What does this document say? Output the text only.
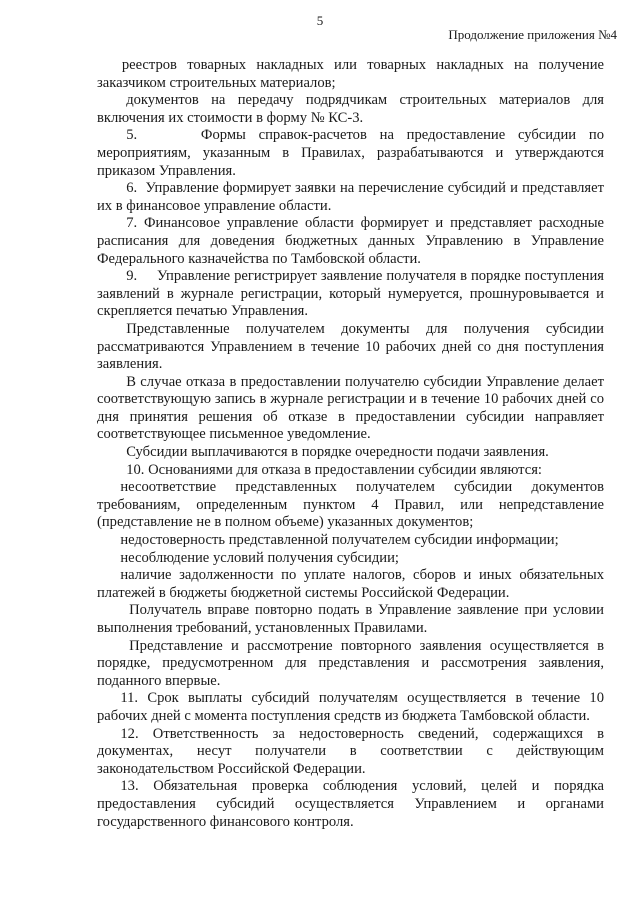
5
Продолжение приложения №4

реестров товарных накладных или товарных накладных на получение заказчиком строительных материалов;

документов на передачу подрядчикам строительных материалов для включения их стоимости в форму № КС-3.

5.     Формы справок-расчетов на предоставление субсидии по мероприятиям, указанным в Правилах, разрабатываются и утверждаются приказом Управления.

6.  Управление формирует заявки на перечисление субсидий и представляет их в финансовое управление области.

7. Финансовое управление области формирует и представляет расходные расписания для доведения бюджетных данных Управлению в Управление Федерального казначейства по Тамбовской области.

9.     Управление регистрирует заявление получателя в порядке поступления заявлений в журнале регистрации, который нумеруется, прошнуровывается и скрепляется печатью Управления.

Представленные получателем документы для получения субсидии рассматриваются Управлением в течение 10 рабочих дней со дня поступления заявления.

В случае отказа в предоставлении получателю субсидии Управление делает соответствующую запись в журнале регистрации и в течение 10 рабочих дней со дня принятия решения об отказе в предоставлении субсидии направляет соответствующее письменное уведомление.

Субсидии выплачиваются в порядке очередности подачи заявления.

10. Основаниями для отказа в предоставлении субсидии являются:

несоответствие представленных получателем субсидии документов требованиям, определенным пунктом 4 Правил, или непредставление (представление не в полном объеме) указанных документов;

недостоверность представленной получателем субсидии информации;

несоблюдение условий получения субсидии;

наличие задолженности по уплате налогов, сборов и иных обязательных платежей в бюджеты бюджетной системы Российской Федерации.

Получатель вправе повторно подать в Управление заявление при условии выполнения требований, установленных Правилами.

Представление и рассмотрение повторного заявления осуществляется в порядке, предусмотренном для представления и рассмотрения заявления, поданного впервые.

11. Срок выплаты субсидий получателям осуществляется в течение 10 рабочих дней с момента поступления средств из бюджета Тамбовской области.

12. Ответственность за недостоверность сведений, содержащихся в документах, несут получатели в соответствии с действующим законодательством Российской Федерации.

13. Обязательная проверка соблюдения условий, целей и порядка предоставления субсидий осуществляется Управлением и органами государственного финансового контроля.
